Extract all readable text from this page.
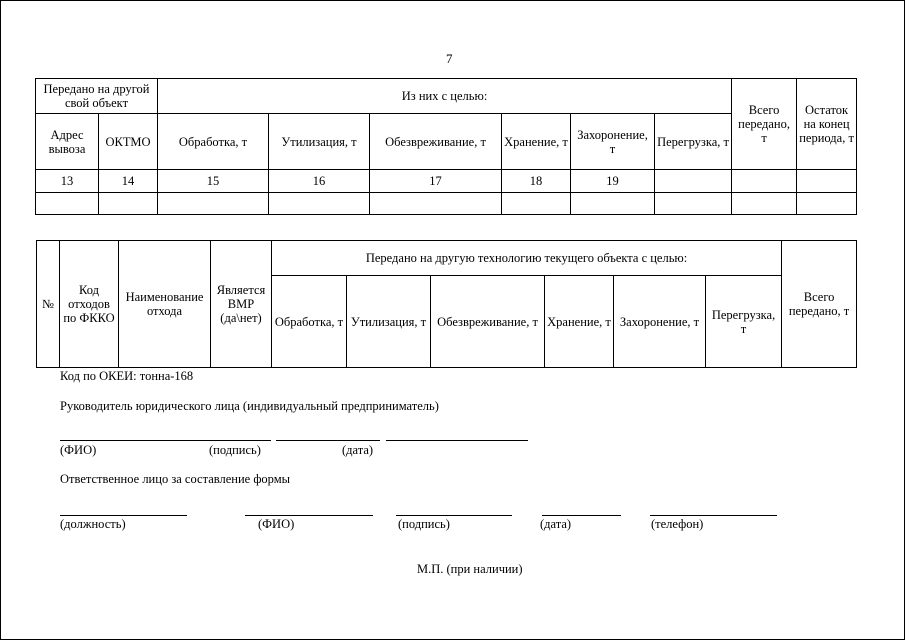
7
Передано на другой свой объект		Из них с целью:						Всего передано, т	Остаток на конец периода, т
Адрес вывоза	ОКТМО	Обработка, т	Утилизация, т	Обезвреживание, т	Хранение, т	Захоронение, т	Перегрузка, т		
13	14	15	16	17	18	19			

№	Код отходов по ФККО	Наименование отхода	Является ВМР (да\нет)	Передано на другую технологию текущего объекта с целью:						Всего передано, т
				Обработка, т	Утилизация, т	Обезвреживание, т	Хранение, т	Захоронение, т	Перегрузка, т	
Код по ОКЕИ: тонна-168
Руководитель юридического лица (индивидуальный предприниматель)
(ФИО)	(подпись)	(дата)
Ответственное лицо за составление формы
(должность)	(ФИО)	(подпись)	(дата)	(телефон)
М.П. (при наличии)
